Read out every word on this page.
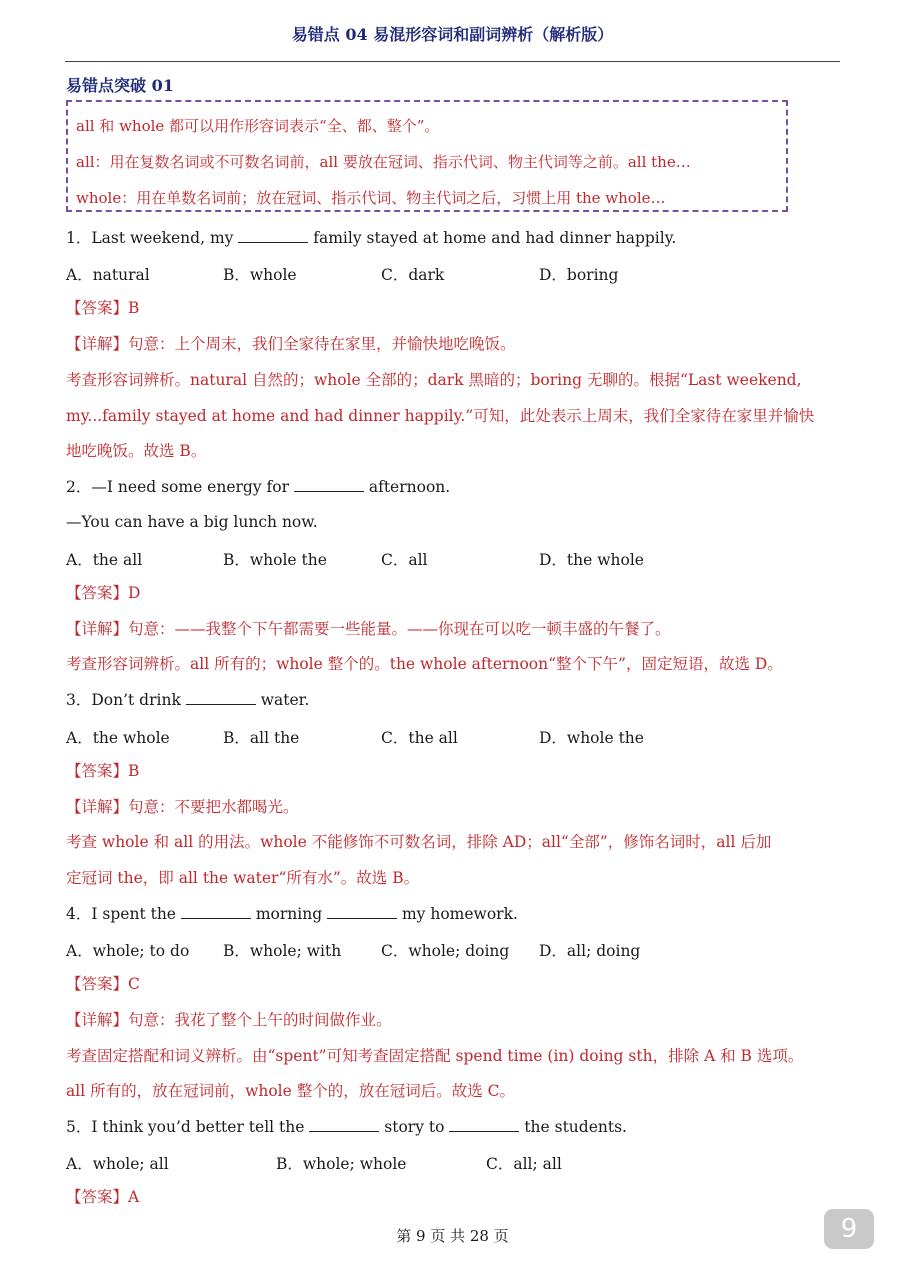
易错点 04 易混形容词和副词辨析（解析版）
易错点突破 01
all 和 whole 都可以用作形容词表示“全、都、整个”。
all：用在复数名词或不可数名词前，all 要放在冠词、指示代词、物主代词等之前。all the…
whole：用在单数名词前；放在冠词、指示代词、物主代词之后，习惯上用 the whole…
1．Last weekend, my	family stayed at home and had dinner happily.
A．natural	B．whole	C．dark	D．boring
【答案】B
【详解】句意：上个周末，我们全家待在家里，并愉快地吃晚饭。
考查形容词辨析。natural 自然的；whole 全部的；dark 黑暗的；boring 无聊的。根据“Last weekend,
my...family stayed at home and had dinner happily.”可知，此处表示上周末，我们全家待在家里并愉快
地吃晚饭。故选 B。
2．—I need some energy for	afternoon.
—You can have a big lunch now.
A．the all	B．whole the	C．all	D．the whole
【答案】D
【详解】句意：——我整个下午都需要一些能量。——你现在可以吃一顿丰盛的午餐了。
考查形容词辨析。all 所有的；whole 整个的。the whole afternoon“整个下午”，固定短语，故选 D。
3．Don’t drink	water.
A．the whole	B．all the	C．the all	D．whole the
【答案】B
【详解】句意：不要把水都喝光。
考查 whole 和 all 的用法。whole 不能修饰不可数名词，排除 AD；all“全部”，修饰名词时，all 后加
定冠词 the，即 all the water“所有水”。故选 B。
4．I spent the	morning	my homework.
A．whole; to do B．whole; with	C．whole; doing D．all; doing
【答案】C
【详解】句意：我花了整个上午的时间做作业。
考查固定搭配和词义辨析。由“spent”可知考查固定搭配 spend time (in) doing sth，排除 A 和 B 选项。
all 所有的，放在冠词前，whole 整个的，放在冠词后。故选 C。
5．I think you’d better tell the	story to	the students.
A．whole; all	B．whole; whole	C．all; all
【答案】A
第 9 页 共 28 页	9
